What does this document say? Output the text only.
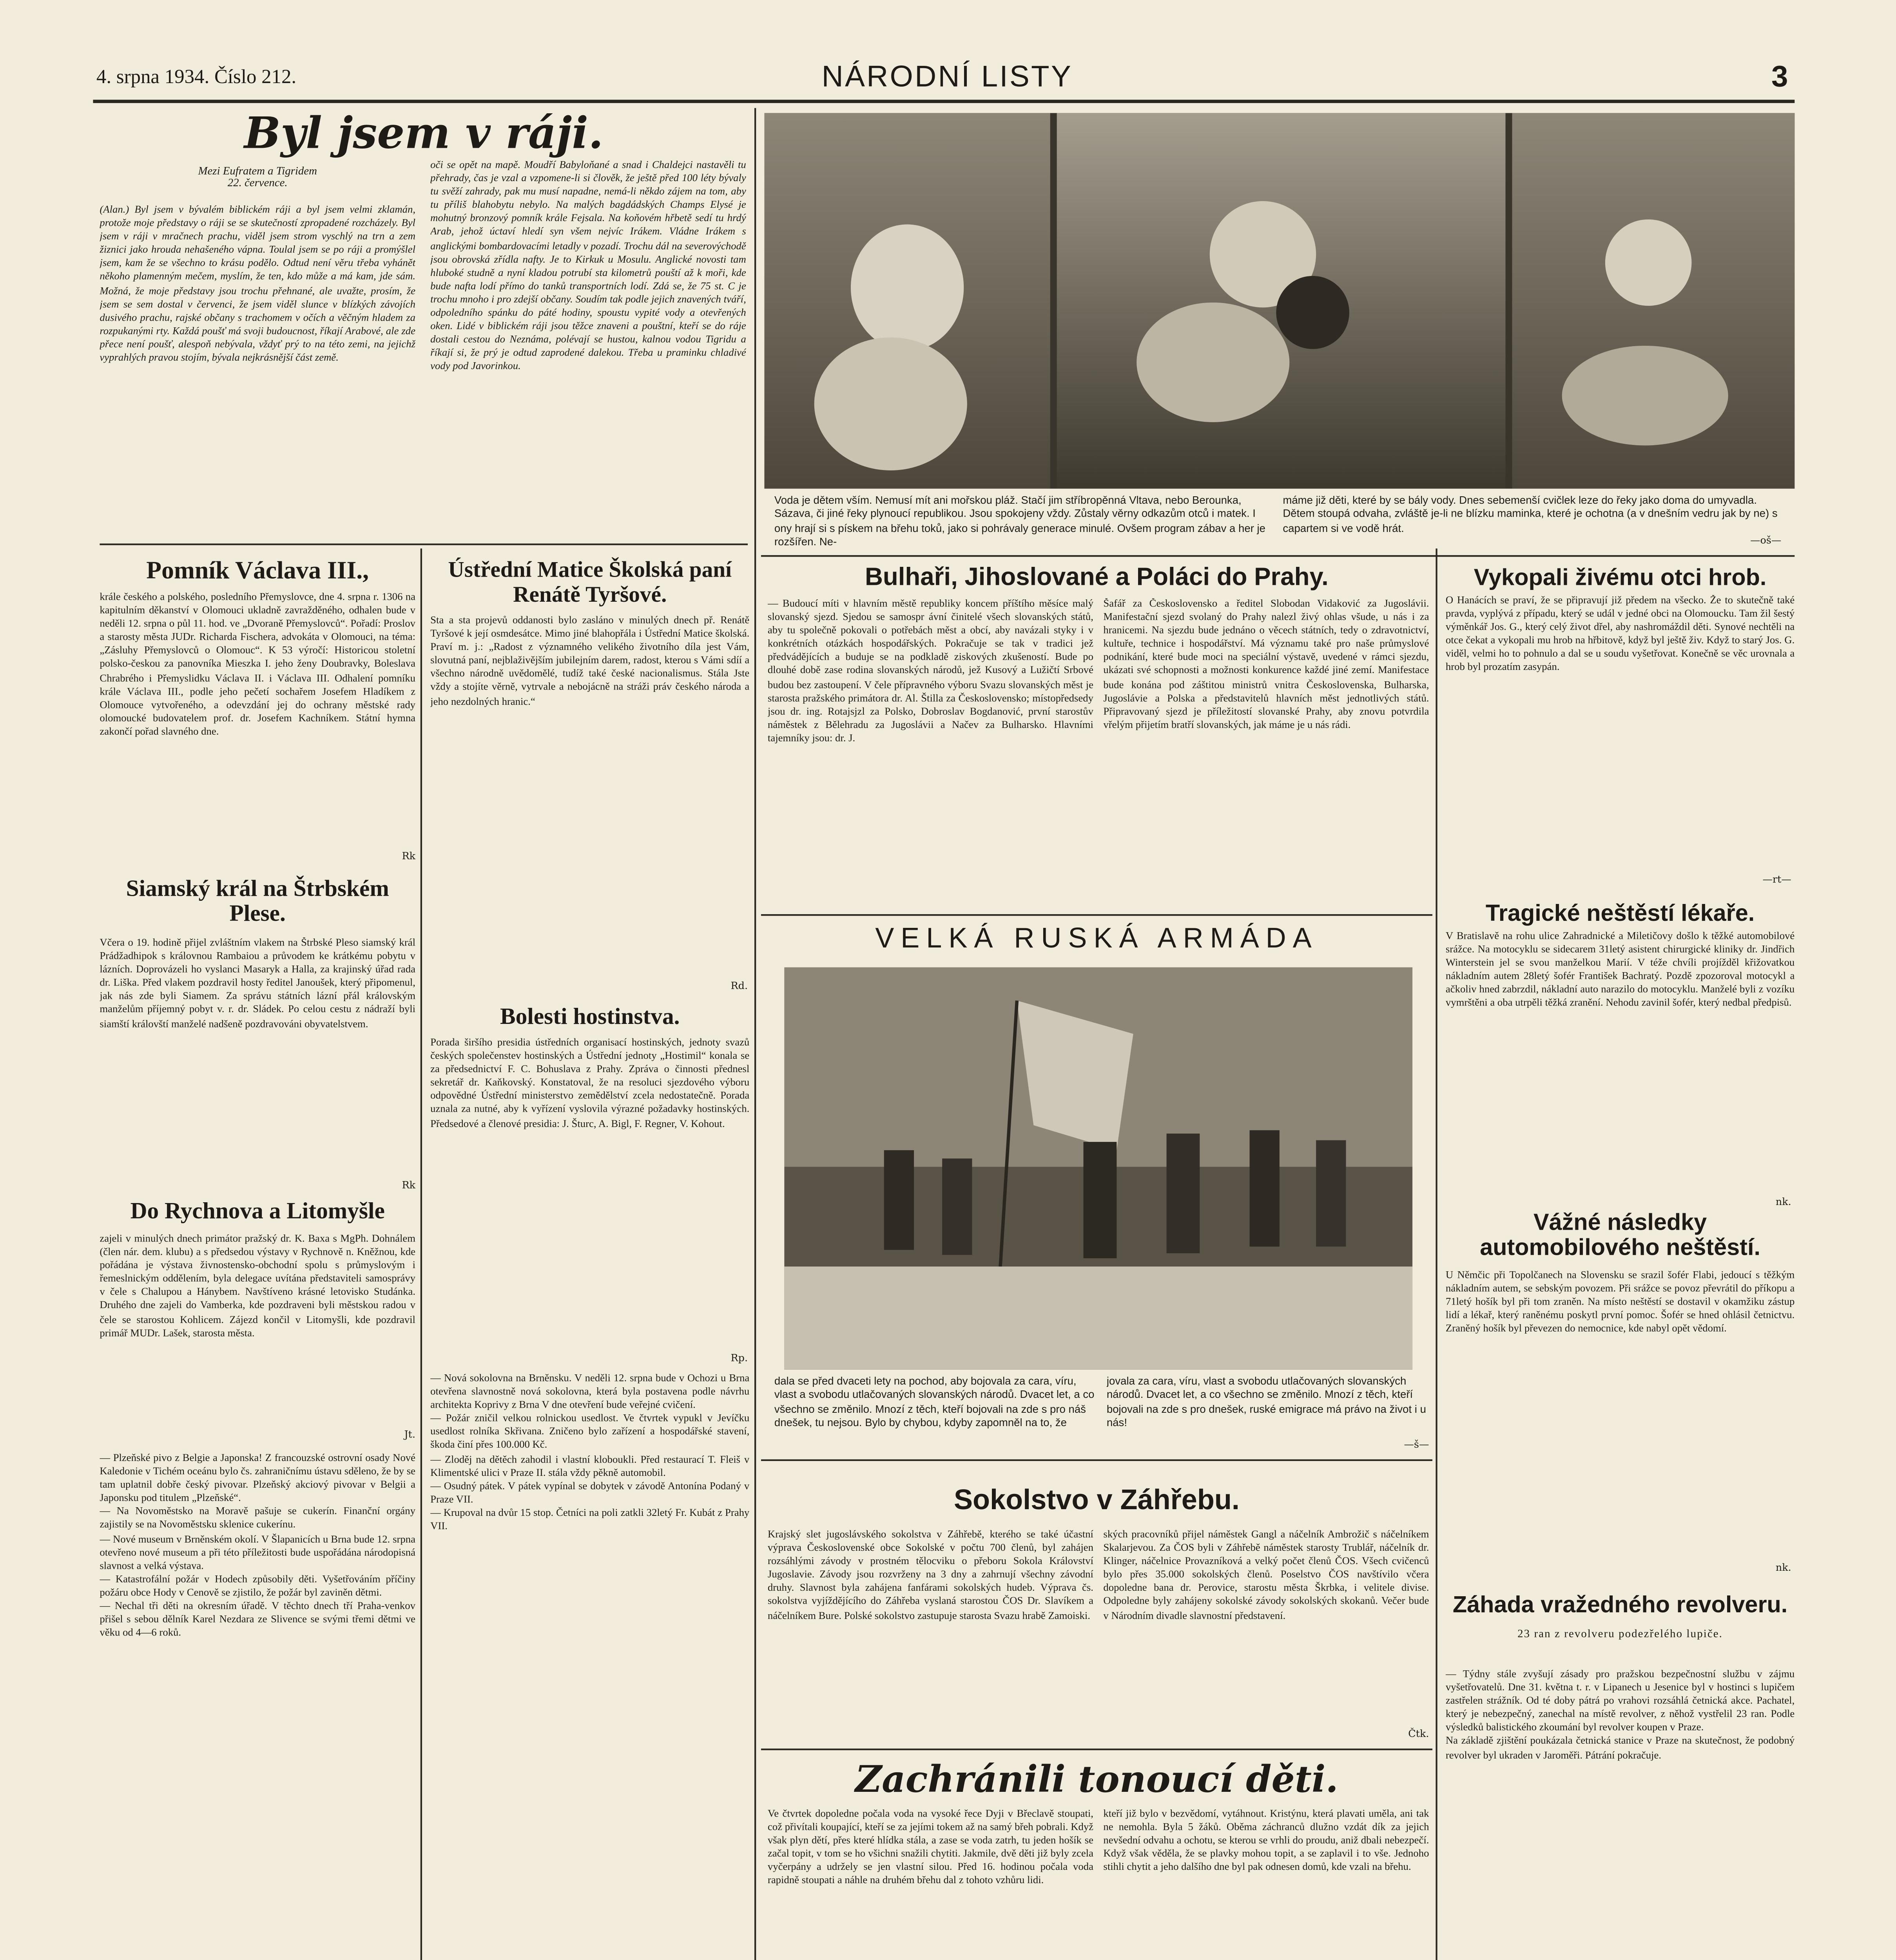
4. srpna 1934. Číslo 212.	NÁRODNÍ LISTY	3
Byl jsem v ráji.
Mezi Eufratem a Tigridem
22. července.
(Alan.) Byl jsem v bývalém biblickém ráji a byl jsem velmi zklamán, protože moje představy o ráji se se skutečností zpropadené rozcházely. Byl jsem v ráji v mračnech prachu, viděl jsem strom vyschlý na trn a zem žiznici jako hrouda nehašeného vápna. Toulal jsem se po ráji a promýšlel jsem, kam že se všechno to krásu podělo. Odtud není věru třeba vyhánět někoho plamenným mečem, myslím, že ten, kdo může a má kam, jde sám. Možná, že moje představy jsou trochu přehnané, ale uvažte, prosím, že jsem se sem dostal v červenci, že jsem viděl slunce v blízkých závojích dusivého prachu, rajské občany s trachomem v očích a věčným hladem za rozpukanými rty. Každá poušť má svoji budoucnost, říkají Arabové, ale zde přece není poušť, alespoň nebývala, vždyť prý to na této zemi, na jejichž vyprahlých pravou stojím, bývala nejkrásnější část země.
oči se opět na mapě. Moudří Babyloňané a snad i Chaldejci nastavěli tu přehrady, čas je vzal a vzpomene-li si člověk, že ještě před 100 léty bývaly tu svěží zahrady, pak mu musí napadne, nemá-li někdo zájem na tom, aby tu příliš blahobytu nebylo. Na malých bagdádských Champs Elysé je mohutný bronzový pomník krále Fejsala. Na koňovém hřbetě sedí tu hrdý Arab, jehož úctaví hledí syn všem nejvíc Irákem. Vládne Irákem s anglickými bombardovacími letadly v pozadí. Trochu dál na severovýchodě jsou obrovská zřídla nafty. Je to Kirkuk u Mosulu. Anglické novosti tam hluboké studně a nyní kladou potrubí sta kilometrů pouští až k moři, kde bude nafta lodí přímo do tanků transportních lodí. Zdá se, že 75 st. C je trochu mnoho i pro zdejší občany. Soudím tak podle jejich znavených tváří, odpoledního spánku do páté hodiny, spoustu vypité vody a otevřených oken. Lidé v biblickém ráji jsou těžce znaveni a pouštní, kteří se do ráje dostali cestou do Neznáma, polévají se hustou, kalnou vodou Tigridu a říkají si, že prý je odtud zaprodené dalekou. Třeba u praminku chladivé vody pod Javorinkou.
Voda je dětem vším. Nemusí mít ani mořskou pláž. Stačí jim stříbropěnná Vltava, nebo Berounka, Sázava, či jiné řeky plynoucí republikou. Jsou spokojeny vždy. Zůstaly věrny odkazům otců i matek. I ony hrají si s pískem na břehu toků, jako si pohrávaly generace minulé. Ovšem program zábav a her je rozšířen. Ne-
máme již děti, které by se bály vody. Dnes sebemenší cvičlek leze do řeky jako doma do umyvadla. Dětem stoupá odvaha, zvláště je-li ne blízku maminka, které je ochotna (a v dnešním vedru jak by ne) s capartem si ve vodě hrát.
—oš—
Pomník Václava III.,
krále českého a polského, posledního Přemyslovce, dne 4. srpna r. 1306 na kapitulním děkanství v Olomouci ukladně zavražděného, odhalen bude v neděli 12. srpna o půl 11. hod. ve „Dvoraně Přemyslovců“. Pořadí: Proslov a starosty města JUDr. Richarda Fischera, advokáta v Olomouci, na téma: „Zásluhy Přemyslovců o Olomouc“. K 53 výročí: Historicou stoletní polsko-českou za panovníka Mieszka I. jeho ženy Doubravky, Boleslava Chrabrého i Přemyslidku Václava II. i Václava III. Odhalení pomníku krále Václava III., podle jeho pečetí sochařem Josefem Hladíkem z Olomouce vytvořeného, a odevzdání jej do ochrany městské rady olomoucké budovatelem prof. dr. Josefem Kachníkem. Státní hymna zakončí pořad slavného dne.
Rk
Siamský král na Štrbském Plese.
Včera o 19. hodině přijel zvláštním vlakem na Štrbské Pleso siamský král Prádžadhipok s královnou Rambaiou a průvodem ke krátkému pobytu v lázních. Doprovázeli ho vyslanci Masaryk a Halla, za krajinský úřad rada dr. Liška. Před vlakem pozdravil hosty ředitel Janoušek, který připomenul, jak nás zde byli Siamem. Za správu státních lázní přál královským manželům příjemný pobyt v. r. dr. Sládek. Po celou cestu z nádraží byli siamští královští manželé nadšeně pozdravováni obyvatelstvem.
Rk
Do Rychnova a Litomyšle
zajeli v minulých dnech primátor pražský dr. K. Baxa s MgPh. Dohnálem (člen nár. dem. klubu) a s předsedou výstavy v Rychnově n. Kněžnou, kde pořádána je výstava živnostensko-obchodní spolu s průmyslovým i řemeslnickým oddělením, byla delegace uvítána představiteli samosprávy v čele s Chalupou a Hánybem. Navštíveno krásné letovisko Studánka. Druhého dne zajeli do Vamberka, kde pozdraveni byli městskou radou v čele se starostou Kohlicem. Zájezd končil v Litomyšli, kde pozdravil primář MUDr. Lašek, starosta města.
Jt.
— Plzeňské pivo z Belgie a Japonska! Z francouzské ostrovní osady Nové Kaledonie v Tichém oceánu bylo čs. zahraničnímu ústavu sděleno, že by se tam uplatnil dobře český pivovar. Plzeňský akciový pivovar v Belgii a Japonsku pod titulem „Plzeňské“.
— Na Novoměstsko na Moravě pašuje se cukerín. Finanční orgány zajistily se na Novoměstsku sklenice cukerínu.
— Nové museum v Brněnském okolí. V Šlapanicích u Brna bude 12. srpna otevřeno nové museum a při této příležitosti bude uspořádána národopisná slavnost a velká výstava.
— Katastrofální požár v Hodech způsobily děti. Vyšetřováním příčiny požáru obce Hody v Cenově se zjistilo, že požár byl zaviněn dětmi.
— Nechal tři děti na okresním úřadě. V těchto dnech tří Praha-venkov přišel s sebou dělník Karel Nezdara ze Slivence se svými třemi dětmi ve věku od 4—6 roků.
Ústřední Matice Školská paní Renátě Tyršové.
Sta a sta projevů oddanosti bylo zasláno v minulých dnech př. Renátě Tyršové k její osmdesátce. Mimo jiné blahopřála i Ústřední Matice školská. Praví m. j.: „Radost z významného velikého životního díla jest Vám, slovutná paní, nejblaživějším jubilejním darem, radost, kterou s Vámi sdíí a všechno národně uvědomělé, tudíž také české nacionalismus. Stála Jste vždy a stojíte věrně, vytrvale a nebojácně na stráži práv českého národa a jeho nezdolných hranic.“
Rd.
Bolesti hostinstva.
Porada širšího presidia ústředních organisací hostinských, jednoty svazů českých společenstev hostinských a Ústřední jednoty „Hostimil“ konala se za předsednictví F. C. Bohuslava z Prahy. Zpráva o činnosti přednesl sekretář dr. Kaňkovský. Konstatoval, že na resoluci sjezdového výboru odpovědné Ústřední ministerstvo zemědělství zcela nedostatečně. Porada uznala za nutné, aby k vyřízení vyslovila výrazné požadavky hostinských. Předsedové a členové presidia: J. Šturc, A. Bigl, F. Regner, V. Kohout.
Rp.
— Nová sokolovna na Brněnsku. V neděli 12. srpna bude v Ochozi u Brna otevřena slavnostně nová sokolovna, která byla postavena podle návrhu architekta Koprivy z Brna V dne otevření bude veřejné cvičení.
— Požár zničil velkou rolnickou usedlost. Ve čtvrtek vypukl v Jevíčku usedlost rolníka Skřivana. Zničeno bylo zařízení a hospodářské stavení, škoda činí přes 100.000 Kč.
— Zloděj na dětěch zahodil i vlastní kloboukli. Před restaurací T. Fleiš v Klimentské ulici v Praze II. stála vždy pěkně automobil.
— Osudný pátek. V pátek vypínal se dobytek v závodě Antonína Podaný v Praze VII.
— Krupoval na dvůr 15 stop. Četníci na poli zatkli 32letý Fr. Kubát z Prahy VII.
Bulhaři, Jihoslované a Poláci do Prahy.
— Budoucí míti v hlavním městě republiky koncem příštího měsíce malý slovanský sjezd. Sjedou se samospr ávní činitelé všech slovanských států, aby tu společně pokovali o potřebách měst a obcí, aby navázali styky i v konkrétních otázkách hospodářských. Pokračuje se tak v tradici jež předvádějících a buduje se na podkladě ziskových zkušeností. Bude po dlouhé době zase rodina slovanských národů, jež Kusový a Lužičtí Srbové budou bez zastoupení. V čele přípravného výboru Svazu slovanských měst je starosta pražského primátora dr. Al. Štilla za Československo; místopředsedy jsou dr. ing. Rotajsjzl za Polsko, Dobroslav Bogdanović, první starostův náměstek z Bělehradu za Jugoslávii a Načev za Bulharsko. Hlavními tajemníky jsou: dr. J.
Šafář za Československo a ředitel Slobodan Vidaković za Jugoslávii. Manifestační sjezd svolaný do Prahy nalezl živý ohlas všude, u nás i za hranicemi. Na sjezdu bude jednáno o věcech státních, tedy o zdravotnictví, kultuře, technice i hospodářství. Má významu také pro naše průmyslové podnikání, které bude moci na speciální výstavě, uvedené v rámci sjezdu, ukázati své schopnosti a možnosti konkurence každé jiné zemí. Manifestace bude konána pod záštitou ministrů vnitra Československa, Bulharska, Jugoslávie a Polska a představitelů hlavních měst jednotlivých států. Připravovaný sjezd je příležitostí slovanské Prahy, aby znovu potvrdila vřelým přijetím bratří slovanských, jak máme je u nás rádi.
VELKÁ RUSKÁ ARMÁDA
dala se před dvaceti lety na pochod, aby bojovala za cara, víru, vlast a svobodu utlačovaných slovanských národů. Dvacet let, a co všechno se změnilo. Mnozí z těch, kteří bojovali na zde s pro náš dnešek, tu nejsou. Bylo by chybou, kdyby zapomněl na to, že
jovala za cara, víru, vlast a svobodu utlačovaných slovanských národů. Dvacet let, a co všechno se změnilo. Mnozí z těch, kteří bojovali na zde s pro dnešek, ruské emigrace má právo na život i u nás!
—š—
Sokolstvo v Záhřebu.
Krajský slet jugoslávského sokolstva v Záhřebě, kterého se také účastní výprava Československé obce Sokolské v počtu 700 členů, byl zahájen rozsáhlými závody v prostném tělocviku o přeboru Sokola Království Jugoslavie. Závody jsou rozvrženy na 3 dny a zahrnují všechny závodní druhy. Slavnost byla zahájena fanfárami sokolských hudeb. Výprava čs. sokolstva vyjíždějícího do Záhřeba vyslaná starostou ČOS Dr. Slavíkem a náčelníkem Bure. Polské sokolstvo zastupuje starosta Svazu hrabě Zamoiski.
ských pracovníků přijel náměstek Gangl a náčelník Ambrožič s náčelníkem Skalarjevou. Za ČOS byli v Záhřebě náměstek starosty Trublář, náčelník dr. Klinger, náčelnice Provazníková a velký počet členů ČOS. Všech cvičenců bylo přes 35.000 sokolských členů. Poselstvo ČOS navštívilo včera dopoledne bana dr. Perovice, starostu města Škrbka, i velitele divise. Odpoledne byly zahájeny sokolské závody sokolských skokanů. Večer bude v Národním divadle slavnostní představení.
Čtk.
Zachránili tonoucí děti.
Ve čtvrtek dopoledne počala voda na vysoké řece Dyji v Břeclavě stoupati, což přivítali koupající, kteří se za jejími tokem až na samý břeh pobrali. Když však plyn dětí, přes které hlídka stála, a zase se voda zatrh, tu jeden hošík se začal topit, v tom se ho všichni snažili chytiti. Jakmile, dvě děti již byly zcela vyčerpány a udržely se jen vlastní silou. Před 16. hodinou počala voda rapidně stoupati a náhle na druhém břehu dal z tohoto vzhůru lidi.
kteří již bylo v bezvědomí, vytáhnout. Kristýnu, která plavati uměla, ani tak ne nemohla. Byla 5 žáků. Oběma záchranců dlužno vzdát dík za jejich nevšední odvahu a ochotu, se kterou se vrhli do proudu, aniž dbali nebezpečí. Když však věděla, že se plavky mohou topit, a se zaplavil i to vše. Jednoho stihli chytit a jeho dalšího dne byl pak odnesen domů, kde vzali na břehu.
Vykopali živému otci hrob.
O Hanácích se praví, že se připravují již předem na všecko. Že to skutečně také pravda, vyplývá z případu, který se udál v jedné obci na Olomoucku. Tam žil šestý výměnkář Jos. G., který celý život dřel, aby nashromáždil děti. Synové nechtěli na otce čekat a vykopali mu hrob na hřbitově, když byl ještě živ. Když to starý Jos. G. viděl, velmi ho to pohnulo a dal se u soudu vyšetřovat. Konečně se věc urovnala a hrob byl prozatím zasypán.
—rt—
Tragické neštěstí lékaře.
V Bratislavě na rohu ulice Zahradnické a Miletičovy došlo k těžké automobilové srážce. Na motocyklu se sidecarem 31letý asistent chirurgické kliniky dr. Jindřich Winterstein jel se svou manželkou Marií. V téže chvíli projížděl křižovatkou nákladním autem 28letý šofér František Bachratý. Pozdě zpozoroval motocykl a ačkoliv hned zabrzdil, nákladní auto narazilo do motocyklu. Manželé byli z vozíku vymrštěni a oba utrpěli těžká zranění. Nehodu zavinil šofér, který nedbal předpisů.
nk.
Vážné následky automobilového neštěstí.
U Němčic při Topolčanech na Slovensku se srazil šofér Flabi, jedoucí s těžkým nákladním autem, se sebským povozem. Při srážce se povoz převrátil do příkopu a 71letý hošík byl při tom zraněn. Na místo neštěstí se dostavil v okamžiku zástup lidí a lékař, který raněnému poskytl první pomoc. Šofér se hned ohlásil četnictvu. Zraněný hošík byl převezen do nemocnice, kde nabyl opět vědomí.
nk.
Záhada vražedného revolveru.
23 ran z revolveru podezřelého lupiče.
— Týdny stále zvyšují zásady pro pražskou bezpečnostní službu v zájmu vyšetřovatelů. Dne 31. května t. r. v Lipanech u Jesenice byl v hostinci s lupičem zastřelen strážník. Od té doby pátrá po vrahovi rozsáhlá četnická akce. Pachatel, který je nebezpečný, zanechal na místě revolver, z něhož vystřelil 23 ran. Podle výsledků balistického zkoumání byl revolver koupen v Praze.
Na základě zjištění poukázala četnická stanice v Praze na skutečnost, že podobný revolver byl ukraden v Jaroměři. Pátrání pokračuje.
